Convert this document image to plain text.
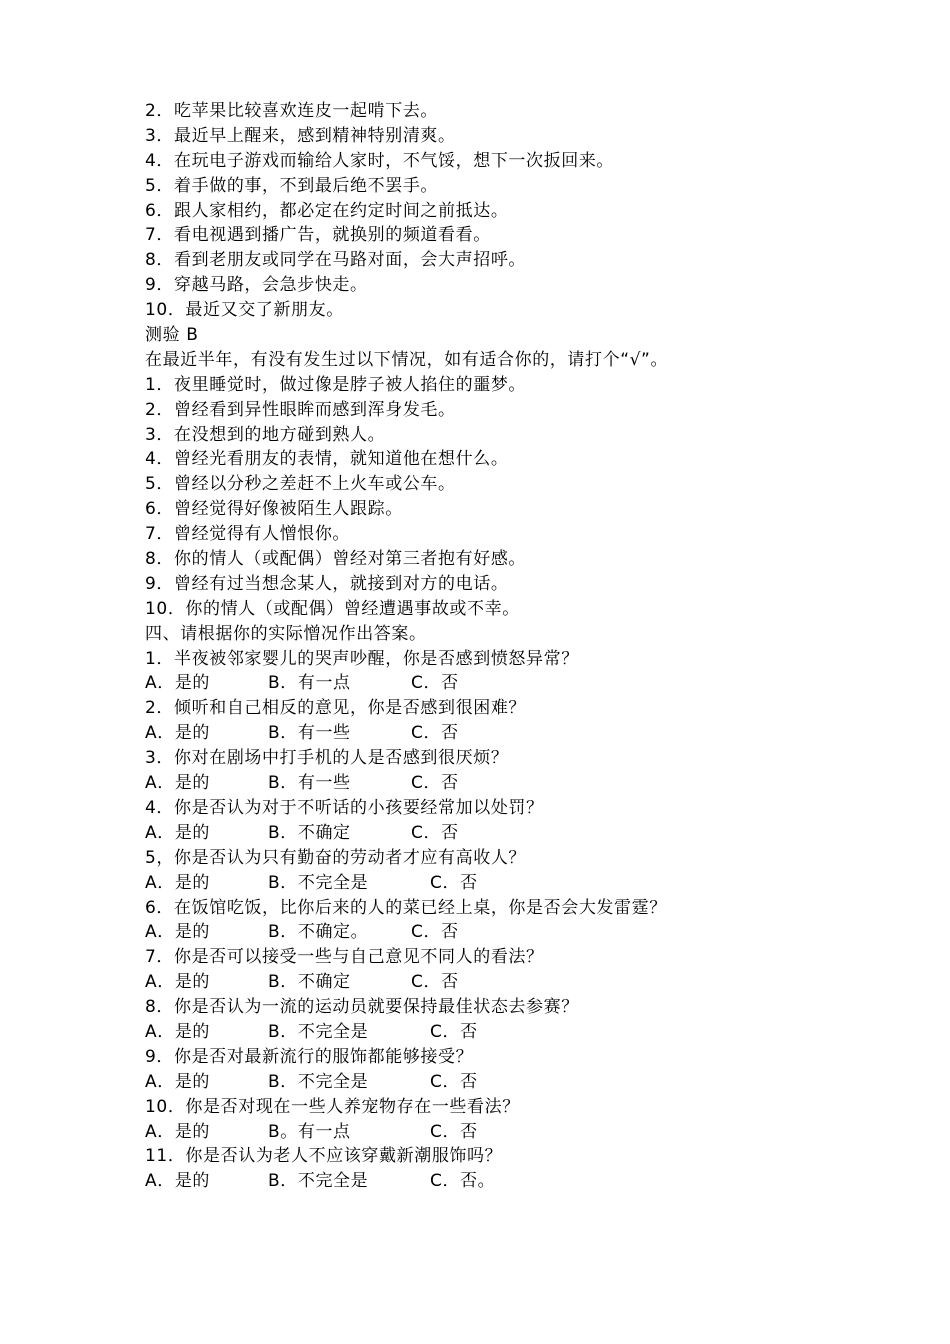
2．吃苹果比较喜欢连皮一起啃下去。
3．最近早上醒来，感到精神特别清爽。
4．在玩电子游戏而输给人家时，不气馁，想下一次扳回来。
5．着手做的事，不到最后绝不罢手。
6．跟人家相约，都必定在约定时间之前抵达。
7．看电视遇到播广告，就换别的频道看看。
8．看到老朋友或同学在马路对面，会大声招呼。
9．穿越马路，会急步快走。
10．最近又交了新朋友。
测验 B
在最近半年，有没有发生过以下情况，如有适合你的，请打个“√”。
1．夜里睡觉时，做过像是脖子被人掐住的噩梦。
2．曾经看到异性眼眸而感到浑身发毛。
3．在没想到的地方碰到熟人。
4．曾经光看朋友的表情，就知道他在想什么。
5．曾经以分秒之差赶不上火车或公车。
6．曾经觉得好像被陌生人跟踪。
7．曾经觉得有人憎恨你。
8．你的情人（或配偶）曾经对第三者抱有好感。
9．曾经有过当想念某人，就接到对方的电话。
10．你的情人（或配偶）曾经遭遇事故或不幸。
四、请根据你的实际憎况作出答案。
1．半夜被邻家婴儿的哭声吵醒，你是否感到愤怒异常？

A．是的

	B．有一点

	C．否

2．倾听和自己相反的意见，你是否感到很困难？

A．是的

	B．有一些

	C．否

3．你对在剧场中打手机的人是否感到很厌烦？

A．是的

	B．有一些

	C．否

4．你是否认为对于不听话的小孩要经常加以处罚？

A．是的

	B．不确定

	C．否

5，你是否认为只有勤奋的劳动者才应有高收人？

A．是的

	B．不完全是

	C．否

6．在饭馆吃饭，比你后来的人的菜已经上桌，你是否会大发雷霆？

A．是的

	B．不确定。

	C．否

7．你是否可以接受一些与自己意见不同人的看法？

A．是的

	B．不确定

	C．否

8．你是否认为一流的运动员就要保持最佳状态去参赛？

A．是的

	B．不完全是

	C．否

9．你是否对最新流行的服饰都能够接受？

A．是的

	B．不完全是

	C．否

10．你是否对现在一些人养宠物存在一些看法？

A．是的

	B。有一点

	C．否

11．你是否认为老人不应该穿戴新潮服饰吗？

A．是的

	B．不完全是

	C．否。
